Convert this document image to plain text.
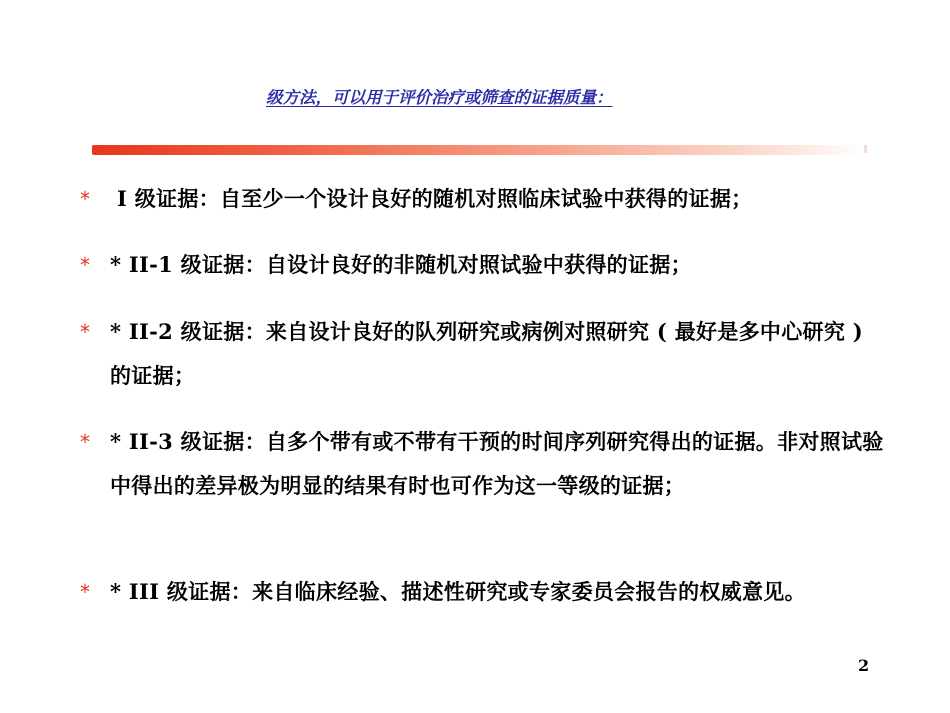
级方法，可以用于评价治疗或筛查的证据质量：
* I 级证据：自至少一个设计良好的随机对照临床试验中获得的证据；
* * II-1 级证据：自设计良好的非随机对照试验中获得的证据；
* * II-2 级证据：来自设计良好的队列研究或病例对照研究 ( 最好是多中心研究 ) 的证据；
* * II-3 级证据：自多个带有或不带有干预的时间序列研究得出的证据。非对照试验中得出的差异极为明显的结果有时也可作为这一等级的证据；
* * III 级证据：来自临床经验、描述性研究或专家委员会报告的权威意见。
2
